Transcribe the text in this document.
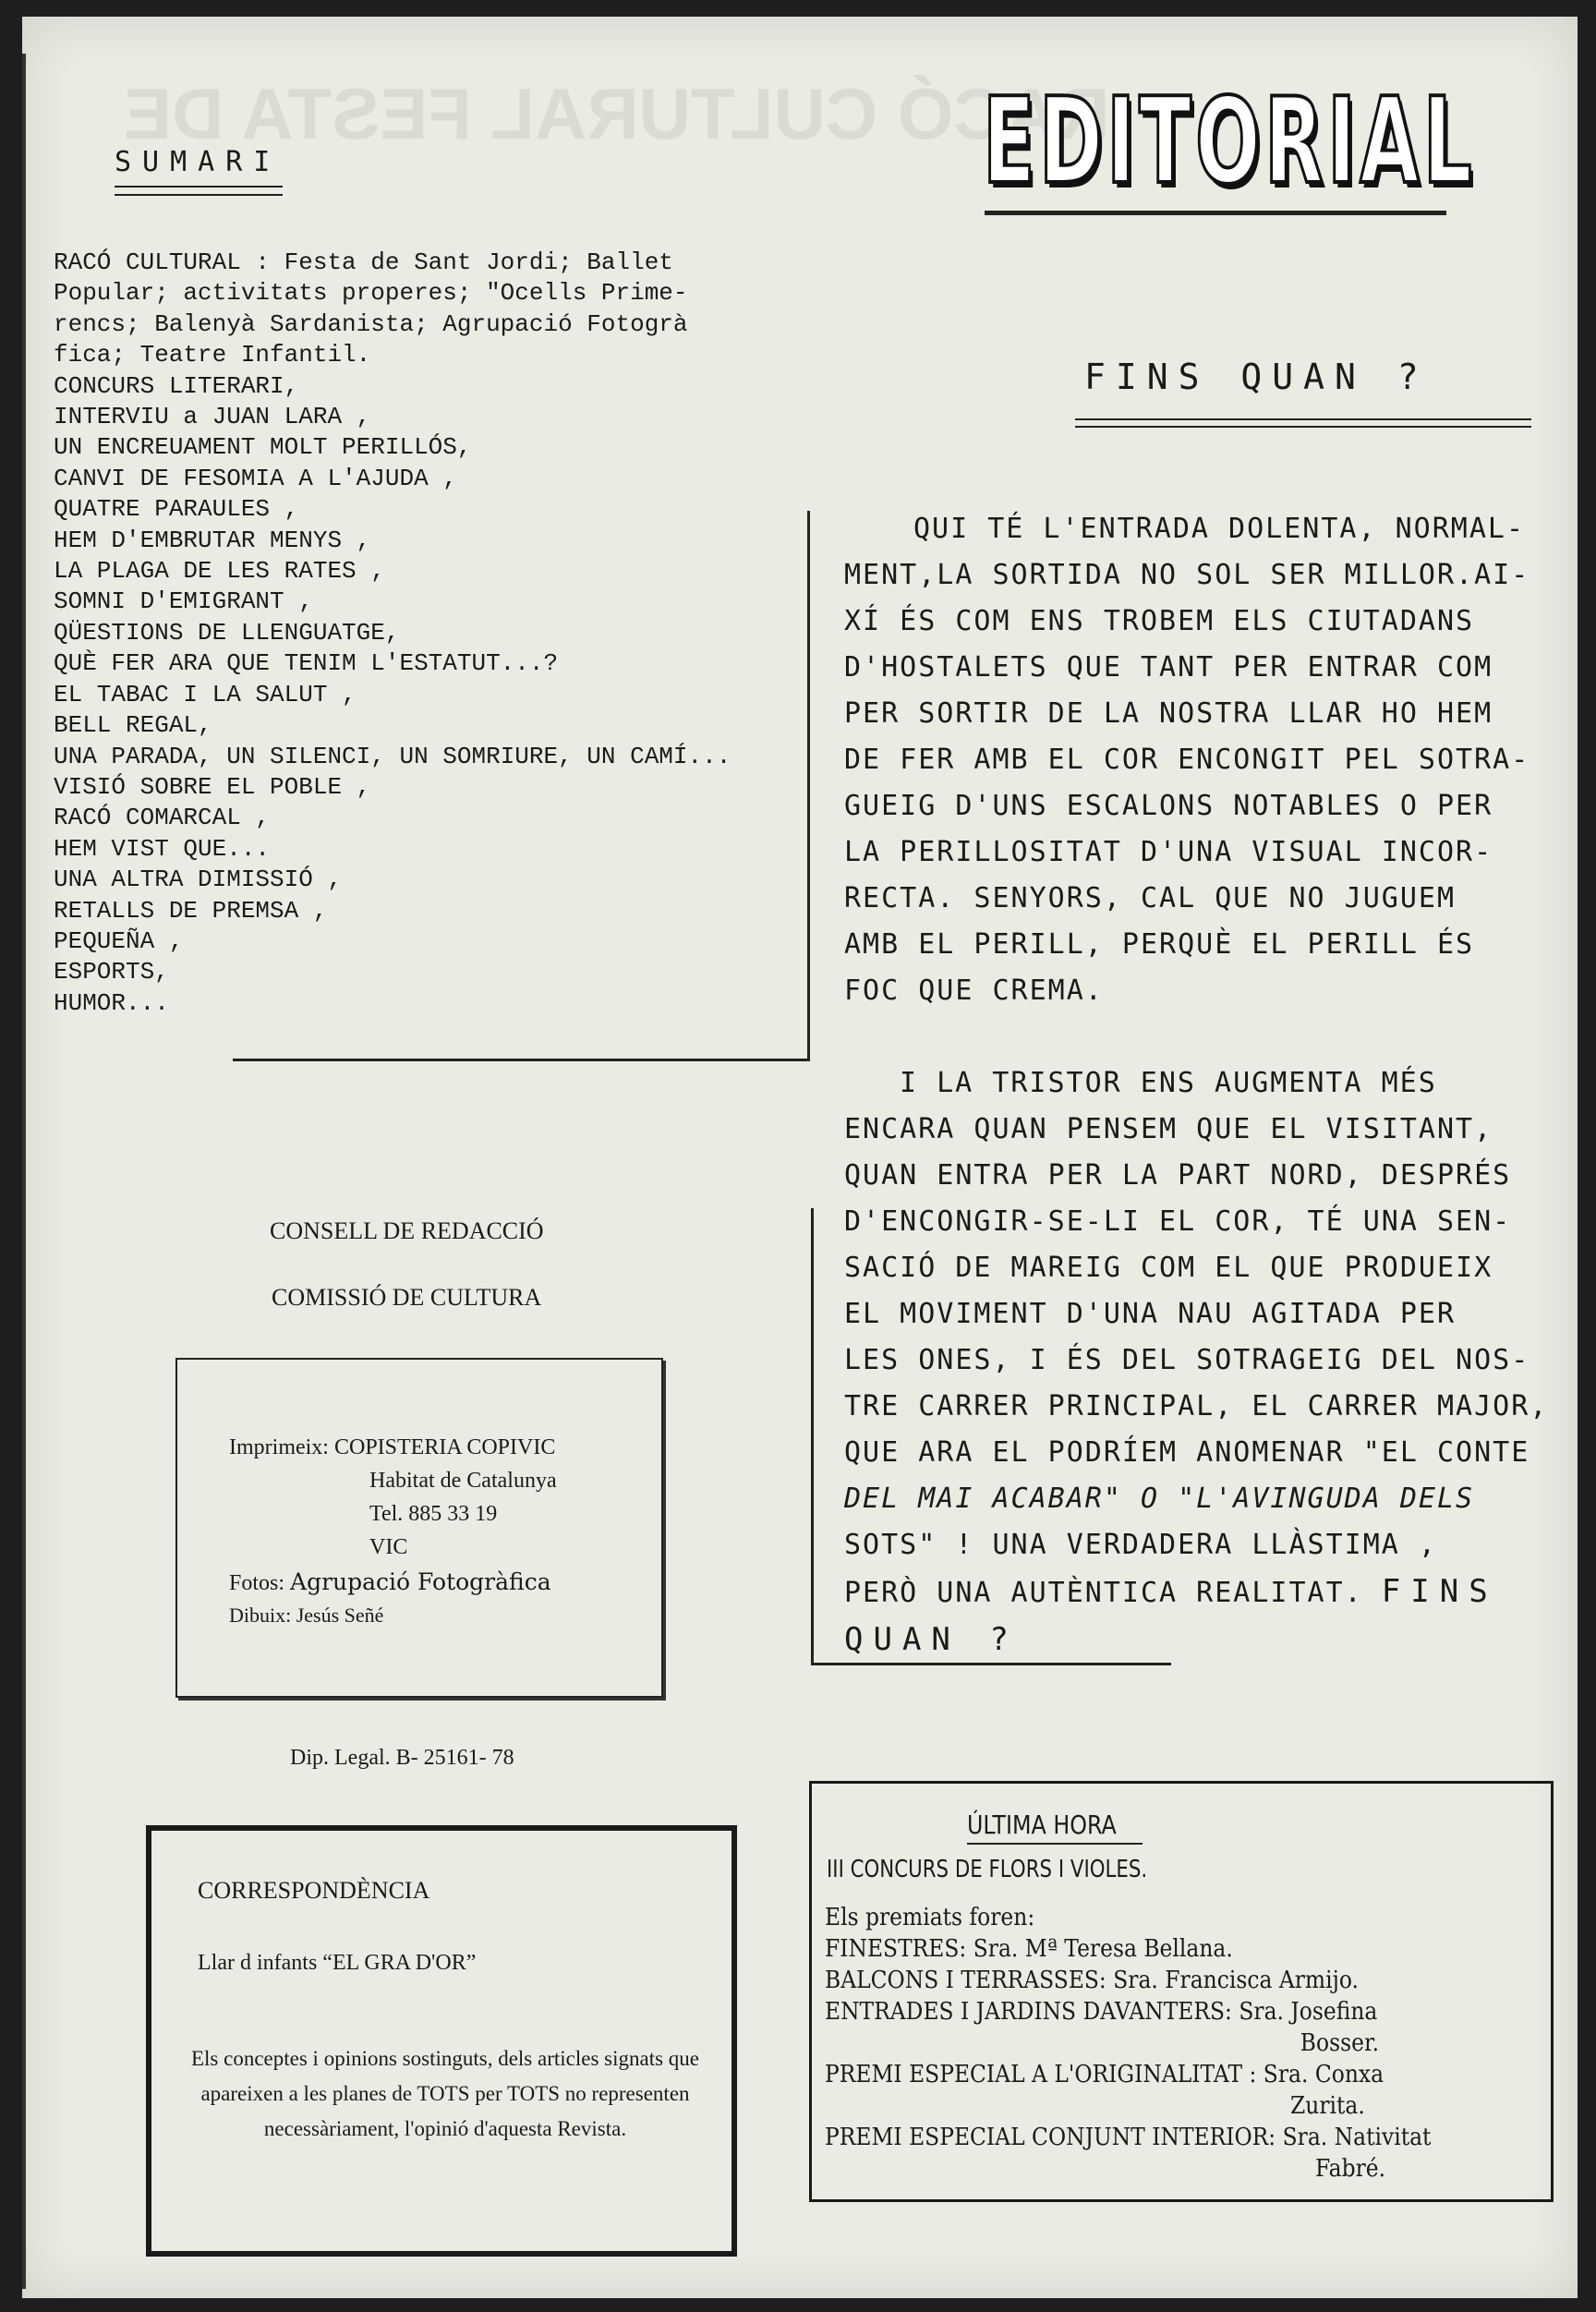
RACÓ CULTURAL FESTA DE
SUMARI
RACÓ CULTURAL : Festa de Sant Jordi; Ballet
Popular; activitats properes; "Ocells Prime-
rencs; Balenyà Sardanista; Agrupació Fotogrà
fica; Teatre Infantil.
CONCURS LITERARI,
INTERVIU a JUAN LARA ,
UN ENCREUAMENT MOLT PERILLÓS,
CANVI DE FESOMIA A L'AJUDA ,
QUATRE PARAULES ,
HEM D'EMBRUTAR MENYS ,
LA PLAGA DE LES RATES ,
SOMNI D'EMIGRANT ,
QÜESTIONS DE LLENGUATGE,
QUÈ FER ARA QUE TENIM L'ESTATUT...?
EL TABAC I LA SALUT ,
BELL REGAL,
UNA PARADA, UN SILENCI, UN SOMRIURE, UN CAMÍ...
VISIÓ SOBRE EL POBLE ,
RACÓ COMARCAL ,
HEM VIST QUE...
UNA ALTRA DIMISSIÓ ,
RETALLS DE PREMSA ,
PEQUEÑA ,
ESPORTS,
HUMOR...
EDITORIAL
FINS QUAN ?

QUI TÉ L'ENTRADA DOLENTA, NORMAL-
MENT,LA SORTIDA NO SOL SER MILLOR.AI-
XÍ ÉS COM ENS TROBEM ELS CIUTADANS
D'HOSTALETS QUE TANT PER ENTRAR COM
PER SORTIR DE LA NOSTRA LLAR HO HEM
DE FER AMB EL COR ENCONGIT PEL SOTRA-
GUEIG D'UNS ESCALONS NOTABLES O PER
LA PERILLOSITAT D'UNA VISUAL INCOR-
RECTA. SENYORS, CAL QUE NO JUGUEM
AMB EL PERILL, PERQUÈ EL PERILL ÉS
FOC QUE CREMA.

I LA TRISTOR ENS AUGMENTA MÉS
ENCARA QUAN PENSEM QUE EL VISITANT,
QUAN ENTRA PER LA PART NORD, DESPRÉS
D'ENCONGIR-SE-LI EL COR, TÉ UNA SEN-
SACIÓ DE MAREIG COM EL QUE PRODUEIX
EL MOVIMENT D'UNA NAU AGITADA PER
LES ONES, I ÉS DEL SOTRAGEIG DEL NOS-
TRE CARRER PRINCIPAL, EL CARRER MAJOR,
QUE ARA EL PODRÍEM ANOMENAR "EL CONTE
DEL MAI ACABAR" O "L'AVINGUDA DELS
SOTS" ! UNA VERDADERA LLÀSTIMA ,
PERÒ UNA AUTÈNTICA REALITAT. FINS
QUAN ?

CONSELL DE REDACCIÓ
COMISSIÓ DE CULTURA
Imprimeix: COPISTERIA COPIVIC
Habitat de Catalunya
Tel. 885 33 19
VIC
Fotos: Agrupació Fotogràfica
Dibuix: Jesús Señé
Dip. Legal. B- 25161- 78
CORRESPONDÈNCIA
Llar d infants “EL GRA D'OR”
Els conceptes i opinions sostinguts, dels articles signats que apareixen a les planes de TOTS per TOTS no representen necessàriament, l'opinió d'aquesta Revista.
ÚLTIMA HORA
III CONCURS DE FLORS I VIOLES.
Els premiats foren:
FINESTRES: Sra. Mª Teresa Bellana.
BALCONS I TERRASSES: Sra. Francisca Armijo.
ENTRADES I JARDINS DAVANTERS: Sra. Josefina
Bosser.
PREMI ESPECIAL A L'ORIGINALITAT : Sra. Conxa
Zurita.
PREMI ESPECIAL CONJUNT INTERIOR: Sra. Nativitat
Fabré.
